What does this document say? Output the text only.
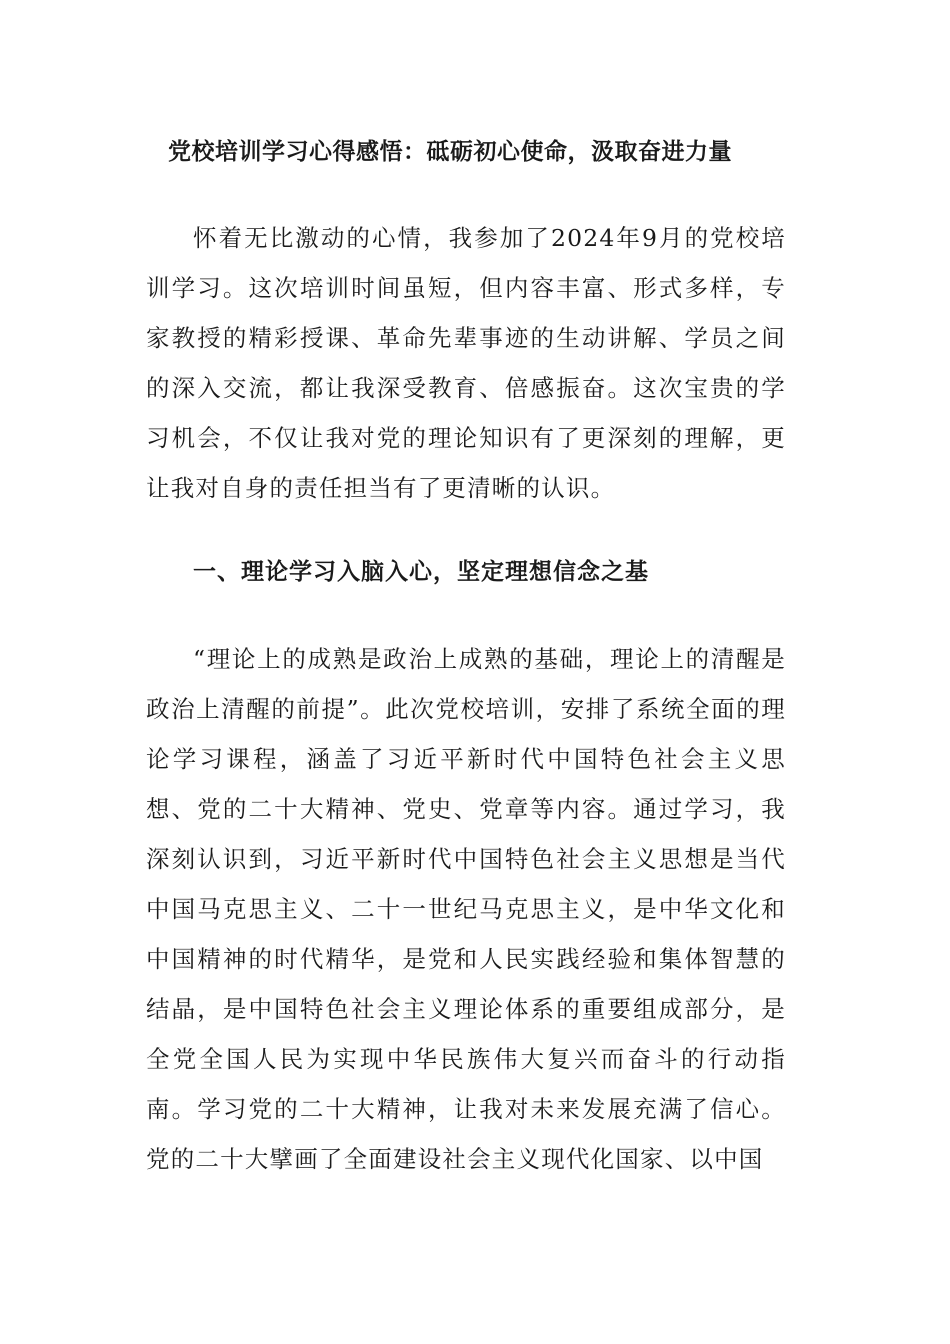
党校培训学习心得感悟：砥砺初心使命，汲取奋进力量

怀着无比激动的心情，我参加了2024年9月的党校培训学习。这次培训时间虽短，但内容丰富、形式多样，专家教授的精彩授课、革命先辈事迹的生动讲解、学员之间的深入交流，都让我深受教育、倍感振奋。这次宝贵的学习机会，不仅让我对党的理论知识有了更深刻的理解，更让我对自身的责任担当有了更清晰的认识。

一、理论学习入脑入心，坚定理想信念之基

“理论上的成熟是政治上成熟的基础，理论上的清醒是政治上清醒的前提”。此次党校培训，安排了系统全面的理论学习课程，涵盖了习近平新时代中国特色社会主义思想、党的二十大精神、党史、党章等内容。通过学习，我深刻认识到，习近平新时代中国特色社会主义思想是当代中国马克思主义、二十一世纪马克思主义，是中华文化和中国精神的时代精华，是党和人民实践经验和集体智慧的结晶，是中国特色社会主义理论体系的重要组成部分，是全党全国人民为实现中华民族伟大复兴而奋斗的行动指南。学习党的二十大精神，让我对未来发展充满了信心。党的二十大擘画了全面建设社会主义现代化国家、以中国
